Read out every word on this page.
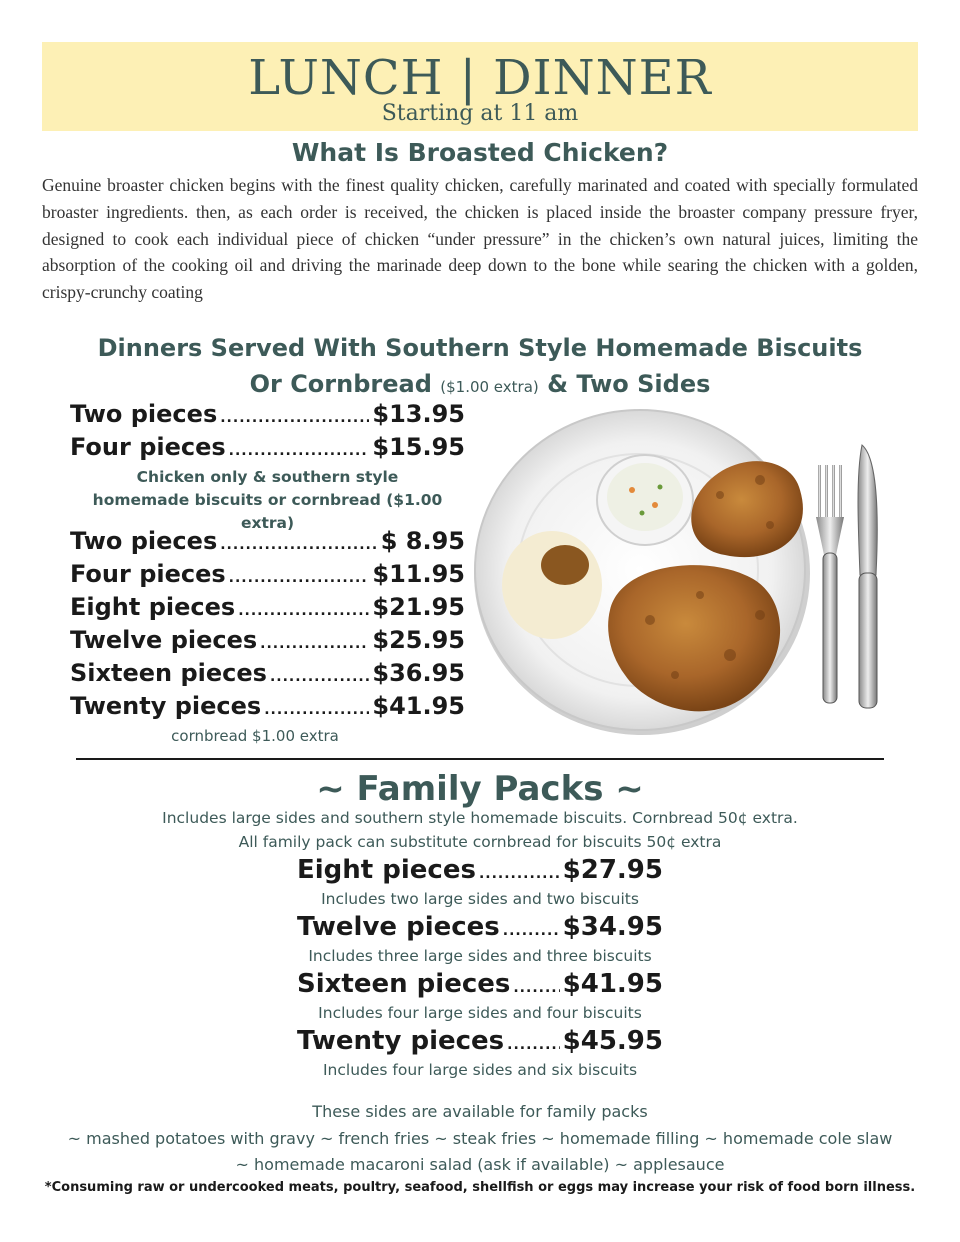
LUNCH | DINNER
Starting at 11 am
What Is Broasted Chicken?
Genuine broaster chicken begins with the finest quality chicken, carefully marinated and coated with specially formulated broaster ingredients. then, as each order is received, the chicken is placed inside the broaster company pressure fryer, designed to cook each individual piece of chicken “under pressure” in the chicken’s own natural juices, limiting the absorption of the cooking oil and driving the marinade deep down to the bone while searing the chicken with a golden, crispy-crunchy coating
Dinners Served With Southern Style Homemade Biscuits
Or Cornbread ($1.00 extra) & Two Sides
Two pieces .....	$13.95
Four pieces .....	$15.95
Chicken only & southern style homemade biscuits or cornbread ($1.00 extra)
Two pieces .....	$ 8.95
Four pieces .....	$11.95
Eight pieces .....	$21.95
Twelve pieces .....	$25.95
Sixteen pieces .....	$36.95
Twenty pieces .....	$41.95
cornbread $1.00 extra
~ Family Packs ~
Includes large sides and southern style homemade biscuits. Cornbread 50¢ extra.
All family pack can substitute cornbread for biscuits 50¢ extra
Eight pieces .....	$27.95
Includes two large sides and two biscuits
Twelve pieces ..... $34.95
Includes three large sides and three biscuits
Sixteen pieces ..... $41.95
Includes four large sides and four biscuits
Twenty pieces ..... $45.95
Includes four large sides and six biscuits
These sides are available for family packs
~ mashed potatoes with gravy ~ french fries ~ steak fries ~ homemade filling ~ homemade cole slaw
~ homemade macaroni salad (ask if available) ~ applesauce
*Consuming raw or undercooked meats, poultry, seafood, shellfish or eggs may increase your risk of food born illness.
